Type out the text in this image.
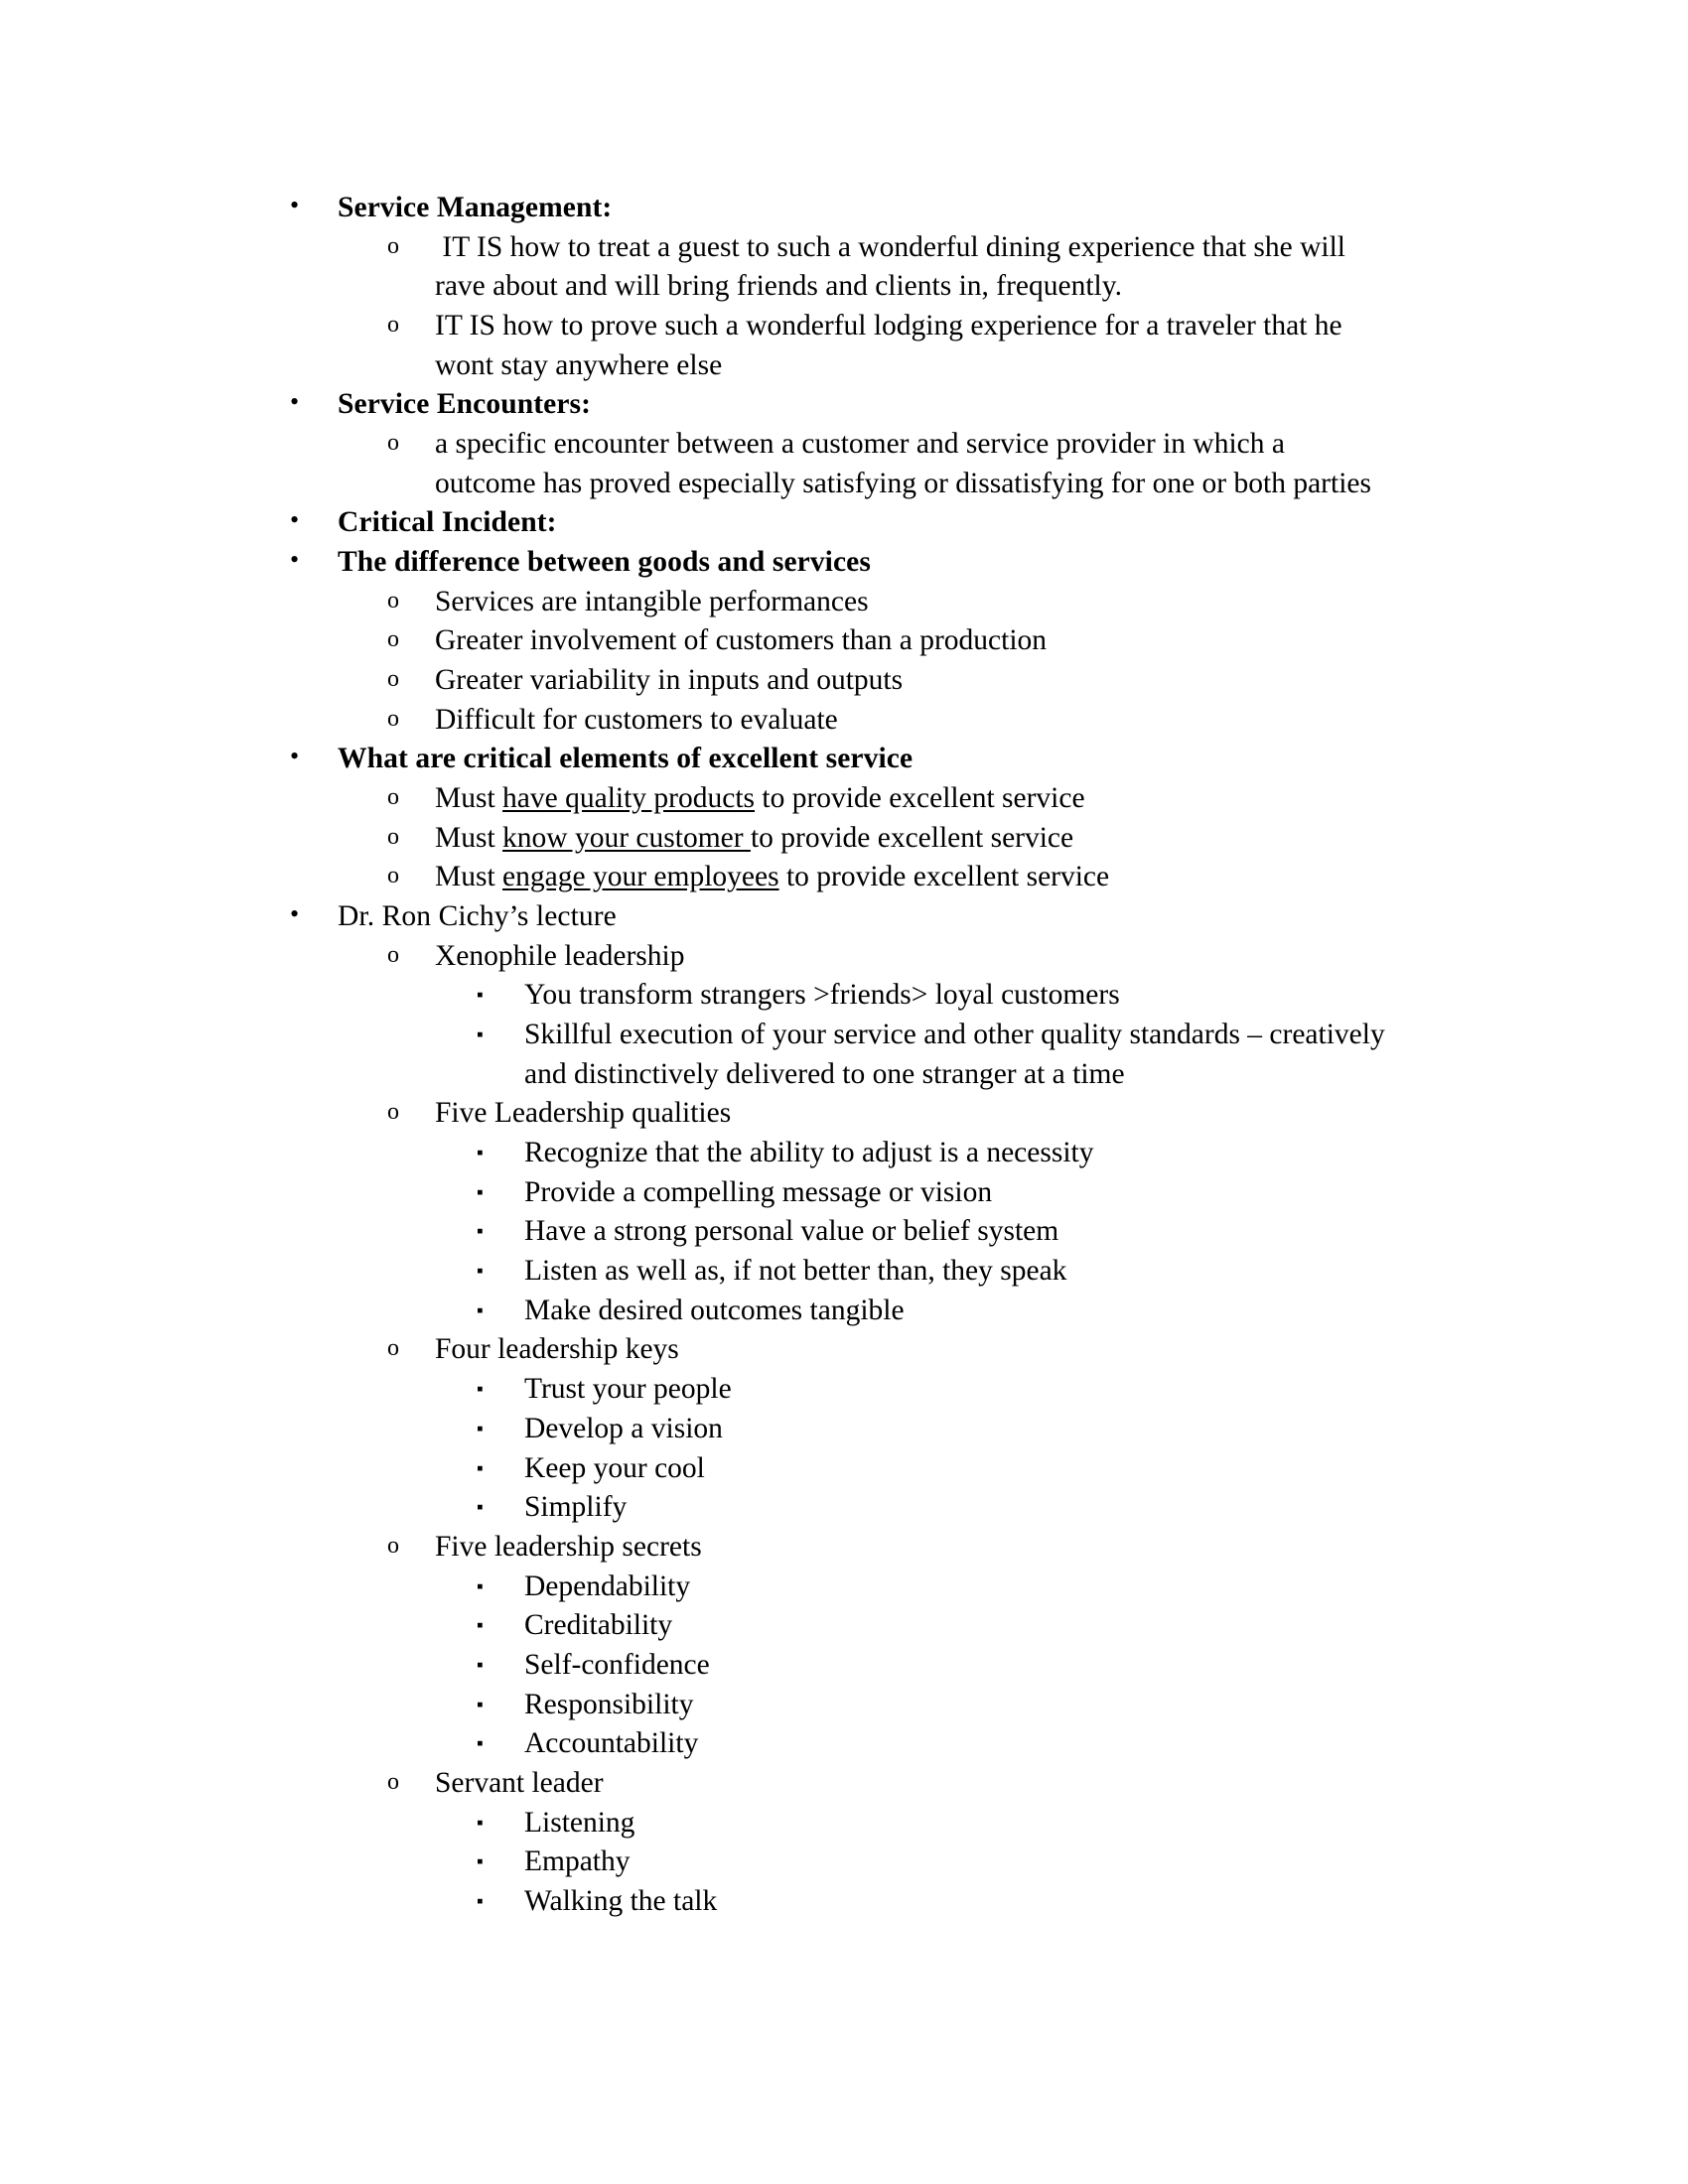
•	Service Management:
o	IT IS how to treat a guest to such a wonderful dining experience that she will rave about and will bring friends and clients in, frequently.
o	IT IS how to prove such a wonderful lodging experience for a traveler that he wont stay anywhere else
•	Service Encounters:
o	a specific encounter between a customer and service provider in which a outcome has proved especially satisfying or dissatisfying for one or both parties
•	Critical Incident:
•	The difference between goods and services
o	Services are intangible performances
o	Greater involvement of customers than a production
o	Greater variability in inputs and outputs
o	Difficult for customers to evaluate
•	What are critical elements of excellent service
o	Must have quality products to provide excellent service
o	Must know your customer to provide excellent service
o	Must engage your employees to provide excellent service
•	Dr. Ron Cichy’s lecture
o	Xenophile leadership
▪	You transform strangers >friends> loyal customers
▪	Skillful execution of your service and other quality standards – creatively and distinctively delivered to one stranger at a time
o	Five Leadership qualities
▪	Recognize that the ability to adjust is a necessity
▪	Provide a compelling message or vision
▪	Have a strong personal value or belief system
▪	Listen as well as, if not better than, they speak
▪	Make desired outcomes tangible
o	Four leadership keys
▪	Trust your people
▪	Develop a vision
▪	Keep your cool
▪	Simplify
o	Five leadership secrets
▪	Dependability
▪	Creditability
▪	Self-confidence
▪	Responsibility
▪	Accountability
o	Servant leader
▪	Listening
▪	Empathy
▪	Walking the talk
